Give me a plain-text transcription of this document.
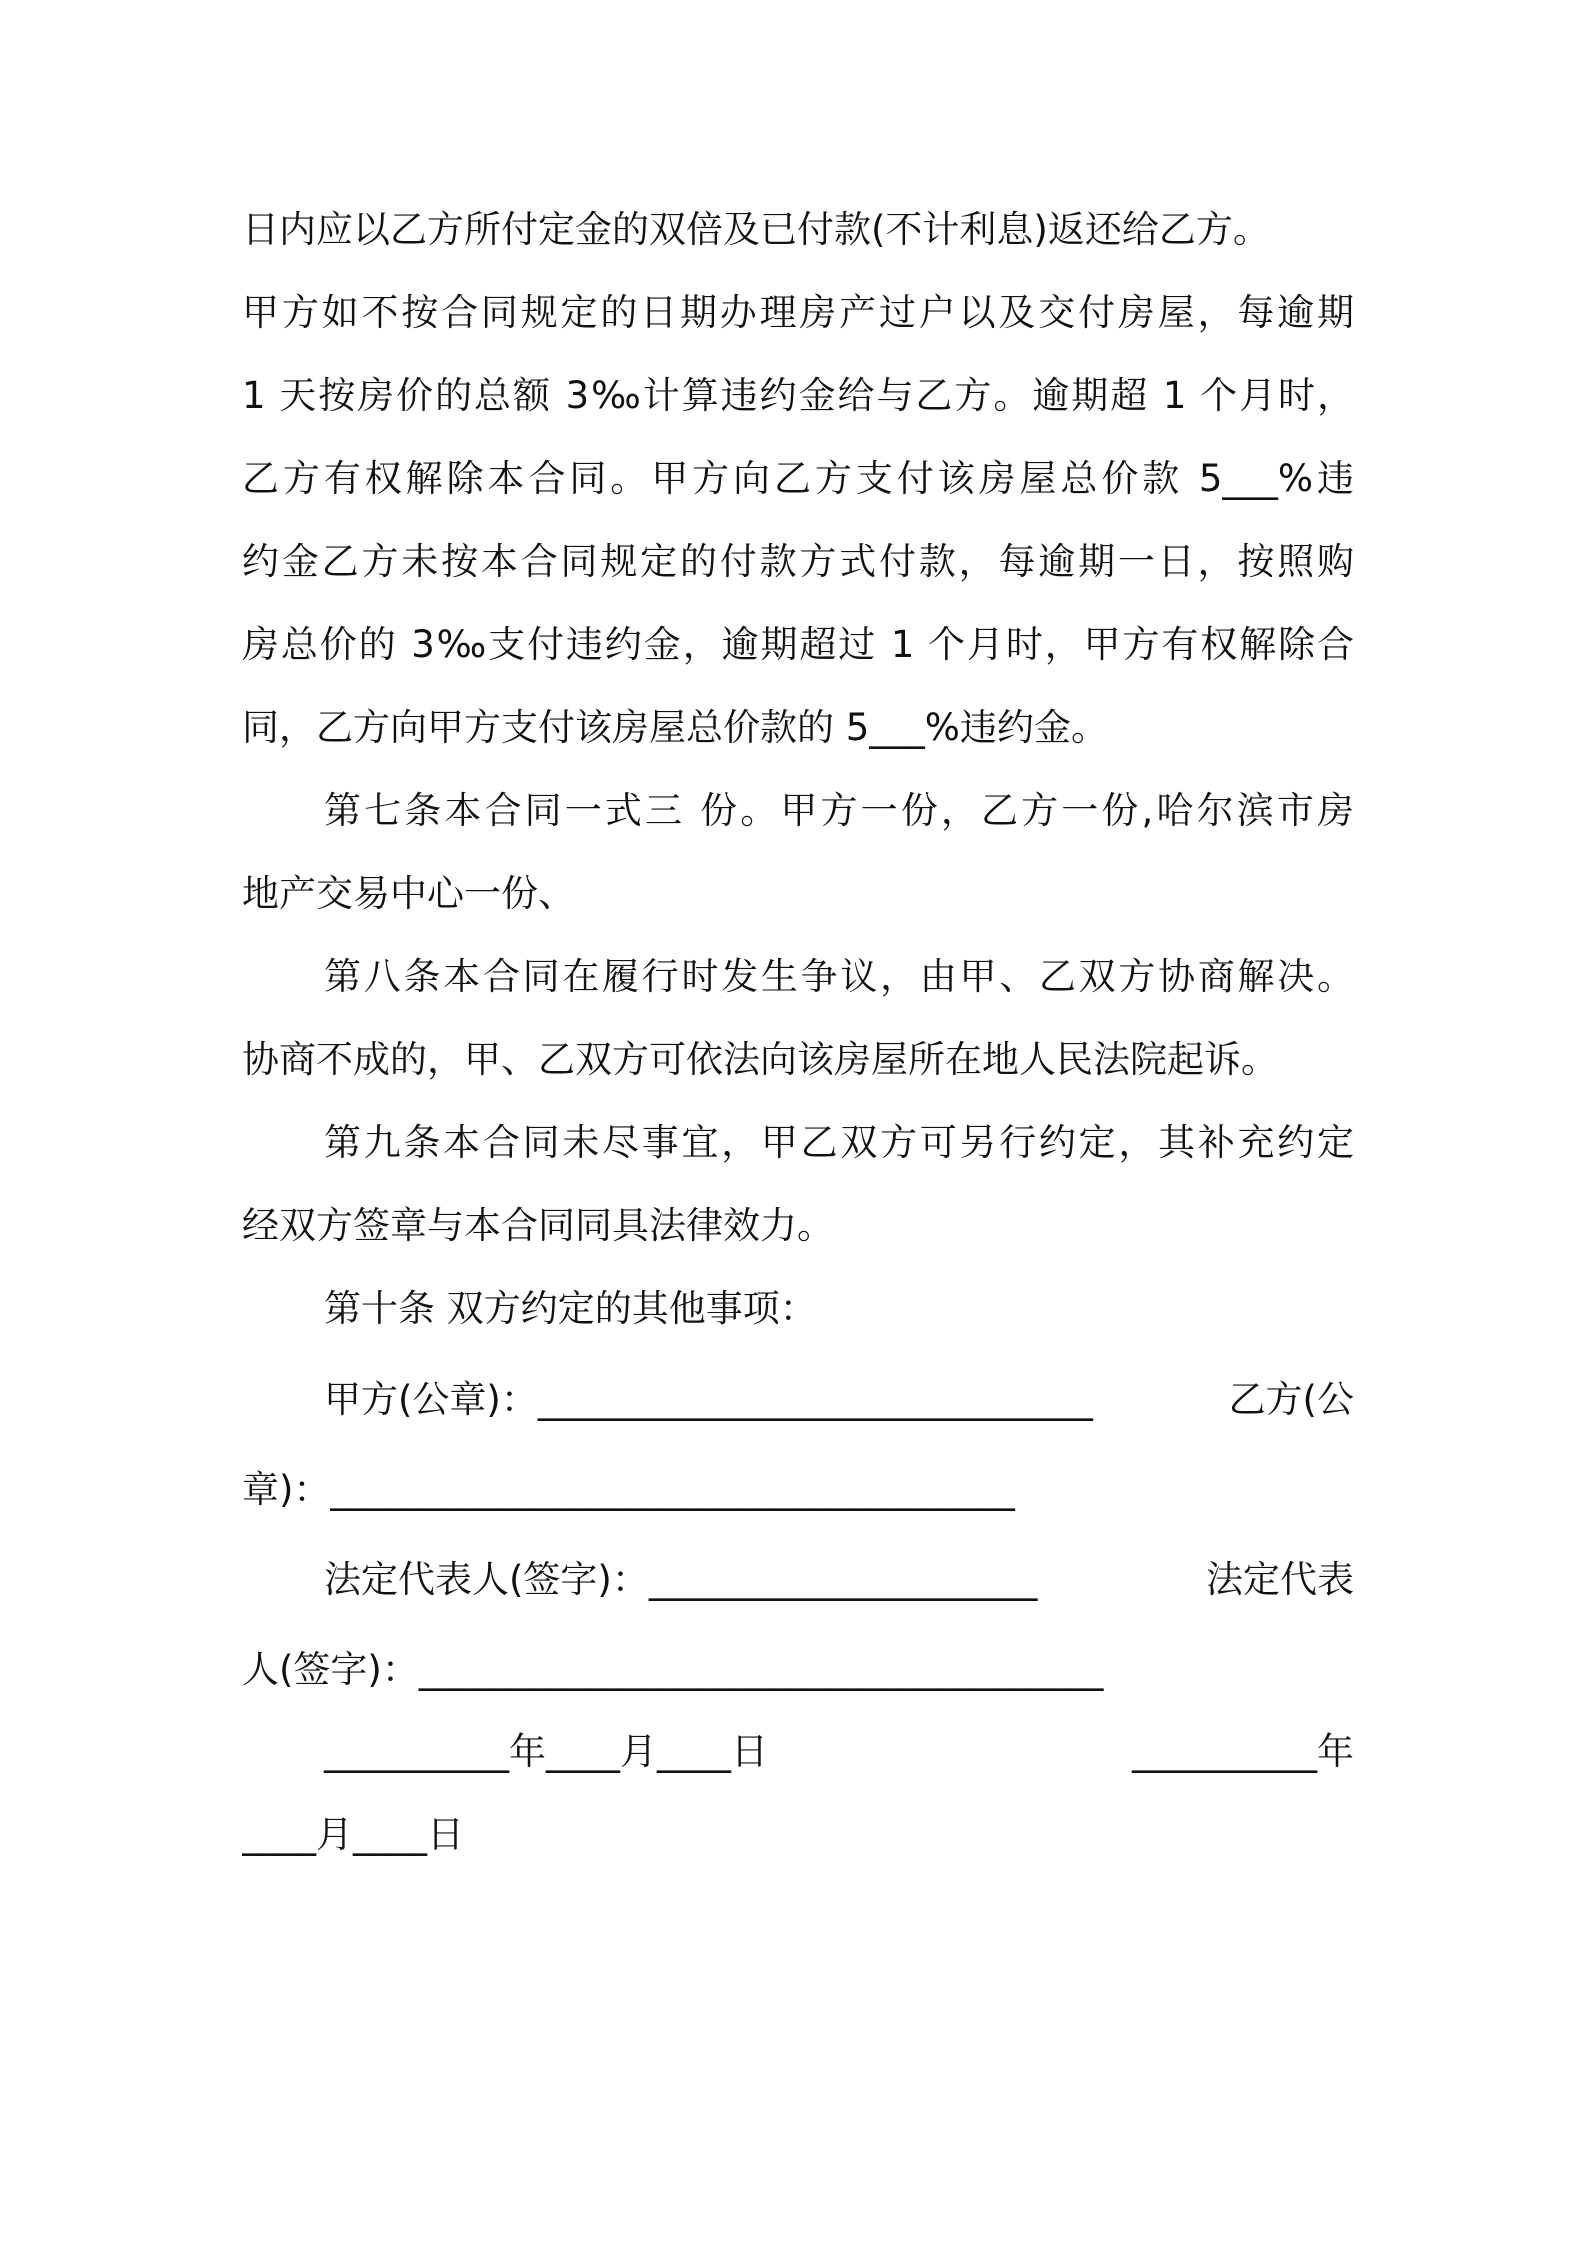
日内应以乙方所付定金的双倍及已付款(不计利息)返还给乙方。
甲方如不按合同规定的日期办理房产过户以及交付房屋，每逾期
1 天按房价的总额 3‰计算违约金给与乙方。逾期超 1 个月时，
乙方有权解除本合同。甲方向乙方支付该房屋总价款 5___%违
约金乙方未按本合同规定的付款方式付款，每逾期一日，按照购
房总价的 3‰支付违约金，逾期超过 1 个月时，甲方有权解除合
同，乙方向甲方支付该房屋总价款的 5___%违约金。
第七条本合同一式三 份。甲方一份，乙方一份,哈尔滨市房
地产交易中心一份、
第八条本合同在履行时发生争议，由甲、乙双方协商解决。
协商不成的，甲、乙双方可依法向该房屋所在地人民法院起诉。
第九条本合同未尽事宜，甲乙双方可另行约定，其补充约定
经双方签章与本合同同具法律效力。
第十条 双方约定的其他事项：
甲方(公章)：______________________________	乙方(公
章)：_____________________________________
法定代表人(签字)：_____________________	法定代表
人(签字)：_____________________________________
__________年____月____日	__________年
____月____日
